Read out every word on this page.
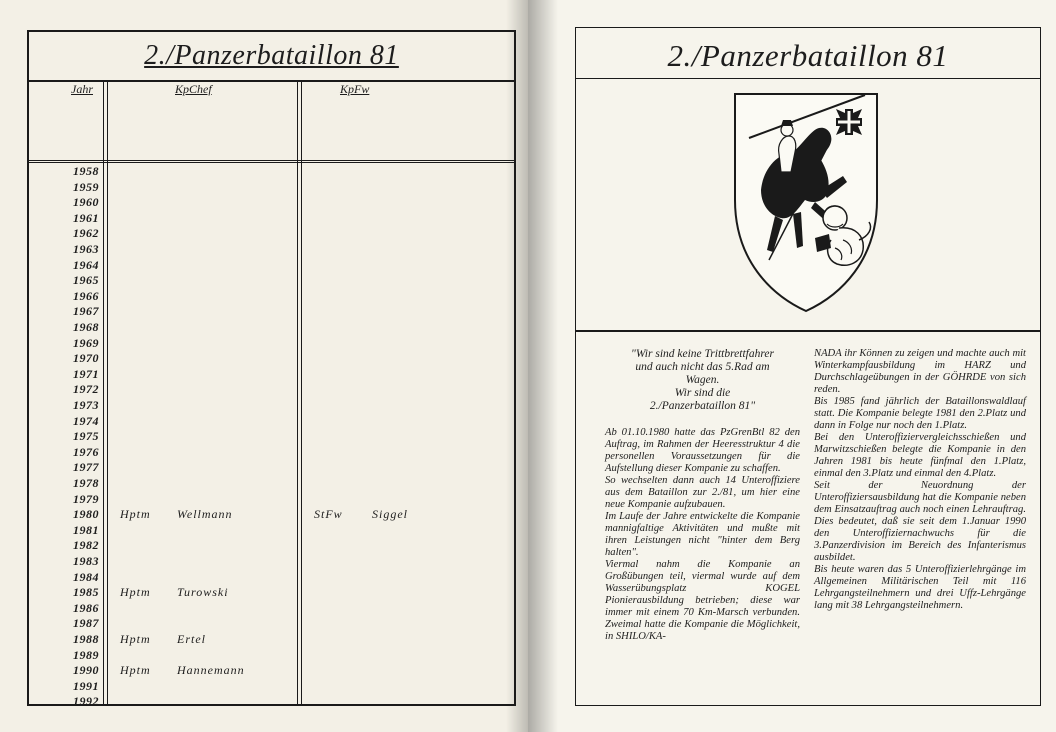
2./Panzerbataillon 81
Jahr	KpChef	KpFw
1958
1959
1960
1961
1962
1963
1964
1965
1966
1967
1968
1969
1970
1971
1972
1973
1974
1975
1976
1977
1978
1979
1980 Hptm Wellmann	StFw Siggel
1981
1982
1983
1984
1985 Hptm Turowski
1986
1987
1988 Hptm Ertel
1989
1990 Hptm Hannemann
1991
1992
2./Panzerbataillon 81

"Wir sind keine Trittbrettfahrer

und auch nicht das 5.Rad am

Wagen.

Wir sind die

2./Panzerbataillon 81"

Ab 01.10.1980 hatte das PzGrenBtl 82 den Auftrag, im Rahmen der Heeresstruktur 4 die personellen Voraussetzungen für die Aufstellung dieser Kompanie zu schaffen.

So wechselten dann auch 14 Unteroffiziere aus dem Bataillon zur 2./81, um hier eine neue Kompanie aufzubauen.

Im Laufe der Jahre entwickelte die Kompanie mannigfaltige Aktivitäten und mußte mit ihren Leistungen nicht "hinter dem Berg halten".

Viermal nahm die Kompanie an Großübungen teil, viermal wurde auf dem Wasserübungsplatz KOGEL Pionierausbildung betrieben; diese war immer mit einem 70 Km-Marsch verbunden. Zweimal hatte die Kompanie die Möglichkeit, in SHILO/KA-

NADA ihr Können zu zeigen und machte auch mit Winterkampfausbildung im HARZ und Durchschlageübungen in der GÖHRDE von sich reden.

Bis 1985 fand jährlich der Bataillonswaldlauf statt. Die Kompanie belegte 1981 den 2.Platz und dann in Folge nur noch den 1.Platz.

Bei den Unteroffiziervergleichsschießen und Marwitzschießen belegte die Kompanie in den Jahren 1981 bis heute fünfmal den 1.Platz, einmal den 3.Platz und einmal den 4.Platz.

Seit der Neuordnung der Unteroffiziersausbildung hat die Kompanie neben dem Einsatzauftrag auch noch einen Lehrauftrag. Dies bedeutet, daß sie seit dem 1.Januar 1990 den Unteroffiziernachwuchs für die 3.Panzerdivision im Bereich des Infanterismus ausbildet.

Bis heute waren das 5 Unteroffizierlehrgänge im Allgemeinen Militärischen Teil mit 116 Lehrgangsteilnehmern und drei Uffz-Lehrgänge lang mit 38 Lehrgangsteilnehmern.
